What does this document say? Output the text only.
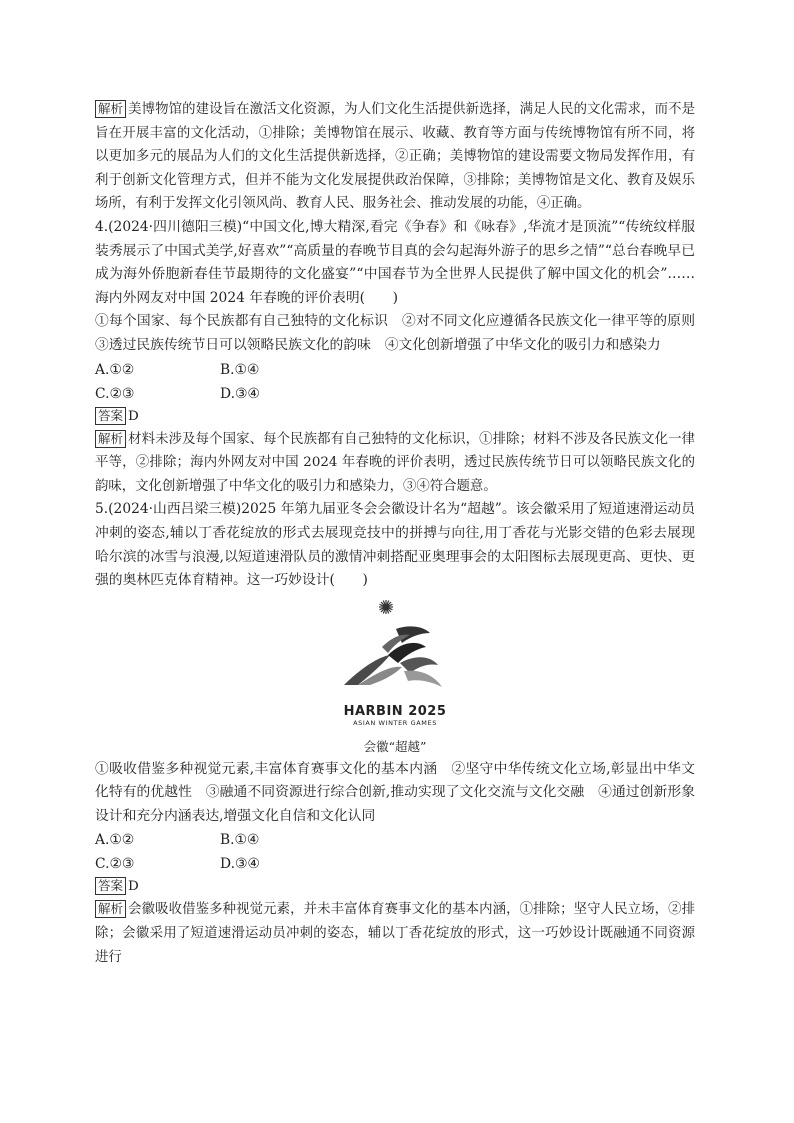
解析 美博物馆的建设旨在激活文化资源，为人们文化生活提供新选择，满足人民的文化需求，而不是旨在开展丰富的文化活动，①排除；美博物馆在展示、收藏、教育等方面与传统博物馆有所不同，将以更加多元的展品为人们的文化生活提供新选择，②正确；美博物馆的建设需要文物局发挥作用，有利于创新文化管理方式，但并不能为文化发展提供政治保障，③排除；美博物馆是文化、教育及娱乐场所，有利于发挥文化引领风尚、教育人民、服务社会、推动发展的功能，④正确。

4.(2024·四川德阳三模)“中国文化,博大精深,看完《争春》和《咏春》,华流才是顶流”“传统纹样服装秀展示了中国式美学,好喜欢”“高质量的春晚节目真的会勾起海外游子的思乡之情”“总台春晚早已成为海外侨胞新春佳节最期待的文化盛宴”“中国春节为全世界人民提供了解中国文化的机会”……海内外网友对中国 2024 年春晚的评价表明(　　)

①每个国家、每个民族都有自己独特的文化标识　②对不同文化应遵循各民族文化一律平等的原则　③透过民族传统节日可以领略民族文化的韵味　④文化创新增强了中华文化的吸引力和感染力

A.①②	B.①④
C.②③	D.③④
答案 D

解析 材料未涉及每个国家、每个民族都有自己独特的文化标识，①排除；材料不涉及各民族文化一律平等，②排除；海内外网友对中国 2024 年春晚的评价表明，透过民族传统节日可以领略民族文化的韵味，文化创新增强了中华文化的吸引力和感染力，③④符合题意。

5.(2024·山西吕梁三模)2025 年第九届亚冬会会徽设计名为“超越”。该会徽采用了短道速滑运动员冲刺的姿态,辅以丁香花绽放的形式去展现竞技中的拼搏与向往,用丁香花与光影交错的色彩去展现哈尔滨的冰雪与浪漫,以短道速滑队员的激情冲刺搭配亚奥理事会的太阳图标去展现更高、更快、更强的奥林匹克体育精神。这一巧妙设计(　　)

HARBIN 2025
ASIAN WINTER GAMES
会徽“超越”

①吸收借鉴多种视觉元素,丰富体育赛事文化的基本内涵　②坚守中华传统文化立场,彰显出中华文化特有的优越性　③融通不同资源进行综合创新,推动实现了文化交流与文化交融　④通过创新形象设计和充分内涵表达,增强文化自信和文化认同

A.①②	B.①④
C.②③	D.③④
答案 D

解析 会徽吸收借鉴多种视觉元素，并未丰富体育赛事文化的基本内涵，①排除；坚守人民立场，②排除；会徽采用了短道速滑运动员冲刺的姿态，辅以丁香花绽放的形式，这一巧妙设计既融通不同资源进行
